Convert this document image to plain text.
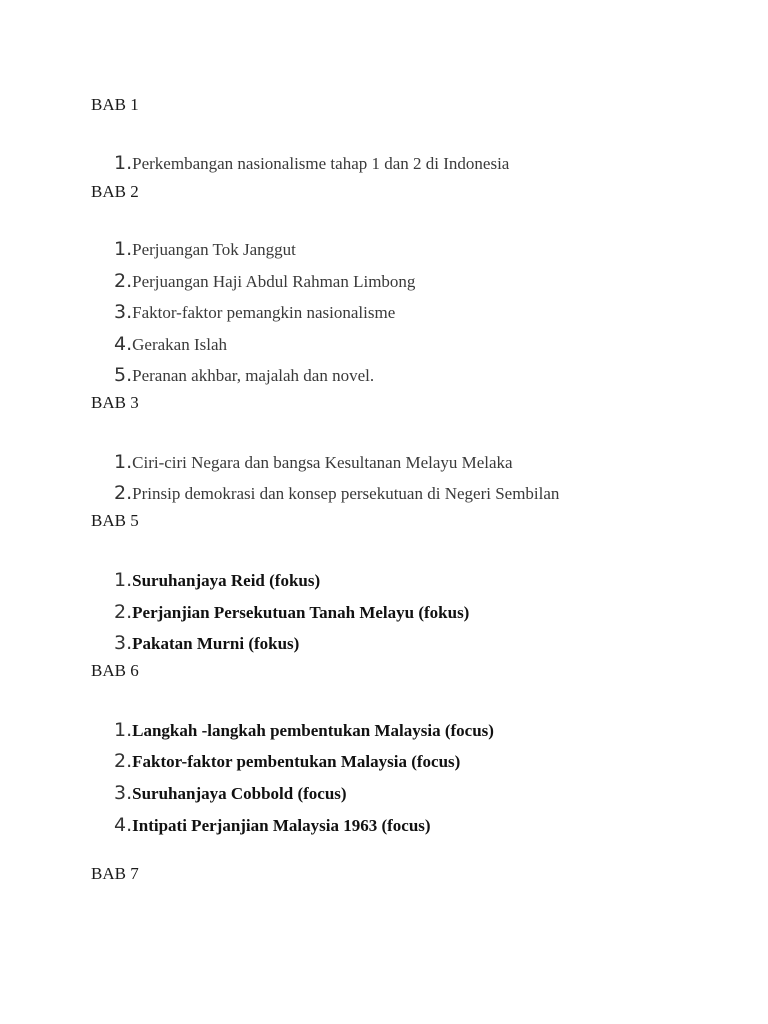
BAB 1
1. Perkembangan nasionalisme tahap 1 dan 2 di Indonesia
BAB 2
1. Perjuangan Tok Janggut
2. Perjuangan Haji Abdul Rahman Limbong
3. Faktor-faktor pemangkin nasionalisme
4. Gerakan Islah
5. Peranan akhbar, majalah dan novel.
BAB 3
1. Ciri-ciri Negara dan bangsa Kesultanan Melayu Melaka
2. Prinsip demokrasi dan konsep persekutuan di Negeri Sembilan
BAB 5
1. Suruhanjaya Reid (fokus)
2. Perjanjian Persekutuan Tanah Melayu (fokus)
3. Pakatan Murni (fokus)
BAB 6
1. Langkah -langkah pembentukan Malaysia (focus)
2. Faktor-faktor pembentukan Malaysia (focus)
3. Suruhanjaya Cobbold (focus)
4. Intipati Perjanjian Malaysia 1963 (focus)
BAB 7
